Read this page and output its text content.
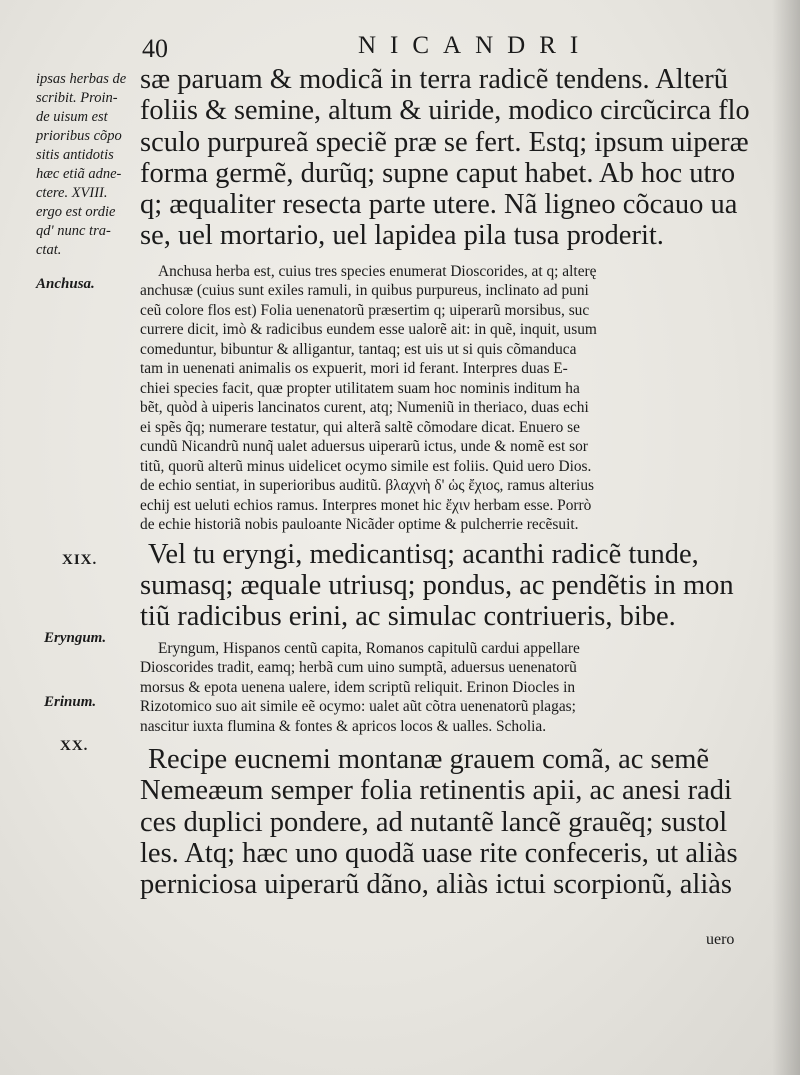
40	NICANDRI
ipsas herbas de
scribit. Proin-
de uisum est
prioribus cõpo
sitis antidotis
hæc etiã adne-
ctere. XVIII.
ergo est ordie
qd' nunc tra-
ctat.
Anchusa.
XIX.
Eryngum.
Erinum.
XX.
sæ paruam & modicã in terra radicẽ tendens. Alterũ
foliis & semine, altum & uiride, modico circũcirca flo
sculo purpureã speciẽ præ se fert. Estq; ipsum uiperæ
forma germẽ, durũq; supne caput habet. Ab hoc utro
q; æqualiter resecta parte utere. Nã ligneo cõcauo ua
se, uel mortario, uel lapidea pila tusa proderit.
Anchusa herba est, cuius tres species enumerat Dioscorides, at q; alterę
anchusæ (cuius sunt exiles ramuli, in quibus purpureus, inclinato ad puni
ceũ colore flos est) Folia uenenatorũ præsertim q; uiperarũ morsibus, suc
currere dicit, imò & radicibus eundem esse ualorẽ ait: in quẽ, inquit, usum
comeduntur, bibuntur & alligantur, tantaq; est uis ut si quis cõmanduca
tam in uenenati animalis os expuerit, mori id ferant. Interpres duas E-
chiei species facit, quæ propter utilitatem suam hoc nominis inditum ha
bẽt, quòd à uiperis lancinatos curent, atq; Numeniũ in theriaco, duas echi
ei spẽs q̃q; numerare testatur, qui alterã saltẽ cõmodare dicat. Enuero se
cundũ Nicandrũ nunq̃ ualet aduersus uiperarũ ictus, unde & nomẽ est sor
titũ, quorũ alterũ minus uidelicet ocymo simile est foliis. Quid uero Dios.
de echio sentiat, in superioribus auditũ. βλαχνὴ δ' ὡς ἔχιος, ramus alterius
echij est ueluti echios ramus. Interpres monet hic ἔχιν herbam esse. Porrò
de echie historiã nobis pauloante Nicãder optime & pulcherrie recẽsuit.
Vel tu eryngi, medicantisq; acanthi radicẽ tunde,
sumasq; æquale utriusq; pondus, ac pendẽtis in mon
tiũ radicibus erini, ac simulac contriueris, bibe.
Eryngum, Hispanos centũ capita, Romanos capitulũ cardui appellare
Dioscorides tradit, eamq; herbã cum uino sumptã, aduersus uenenatorũ
morsus & epota uenena ualere, idem scriptũ reliquit. Erinon Diocles in
Rizotomico suo ait simile eẽ ocymo: ualet aũt cõtra uenenatorũ plagas;
nascitur iuxta flumina & fontes & apricos locos & ualles. Scholia.
Recipe eucnemi montanæ grauem comã, ac semẽ
Nemeæum semper folia retinentis apii, ac anesi radi
ces duplici pondere, ad nutantẽ lancẽ grauẽq; sustol
les. Atq; hæc uno quodã uase rite confeceris, ut aliàs
perniciosa uiperarũ dãno, aliàs ictui scorpionũ, aliàs
uero
